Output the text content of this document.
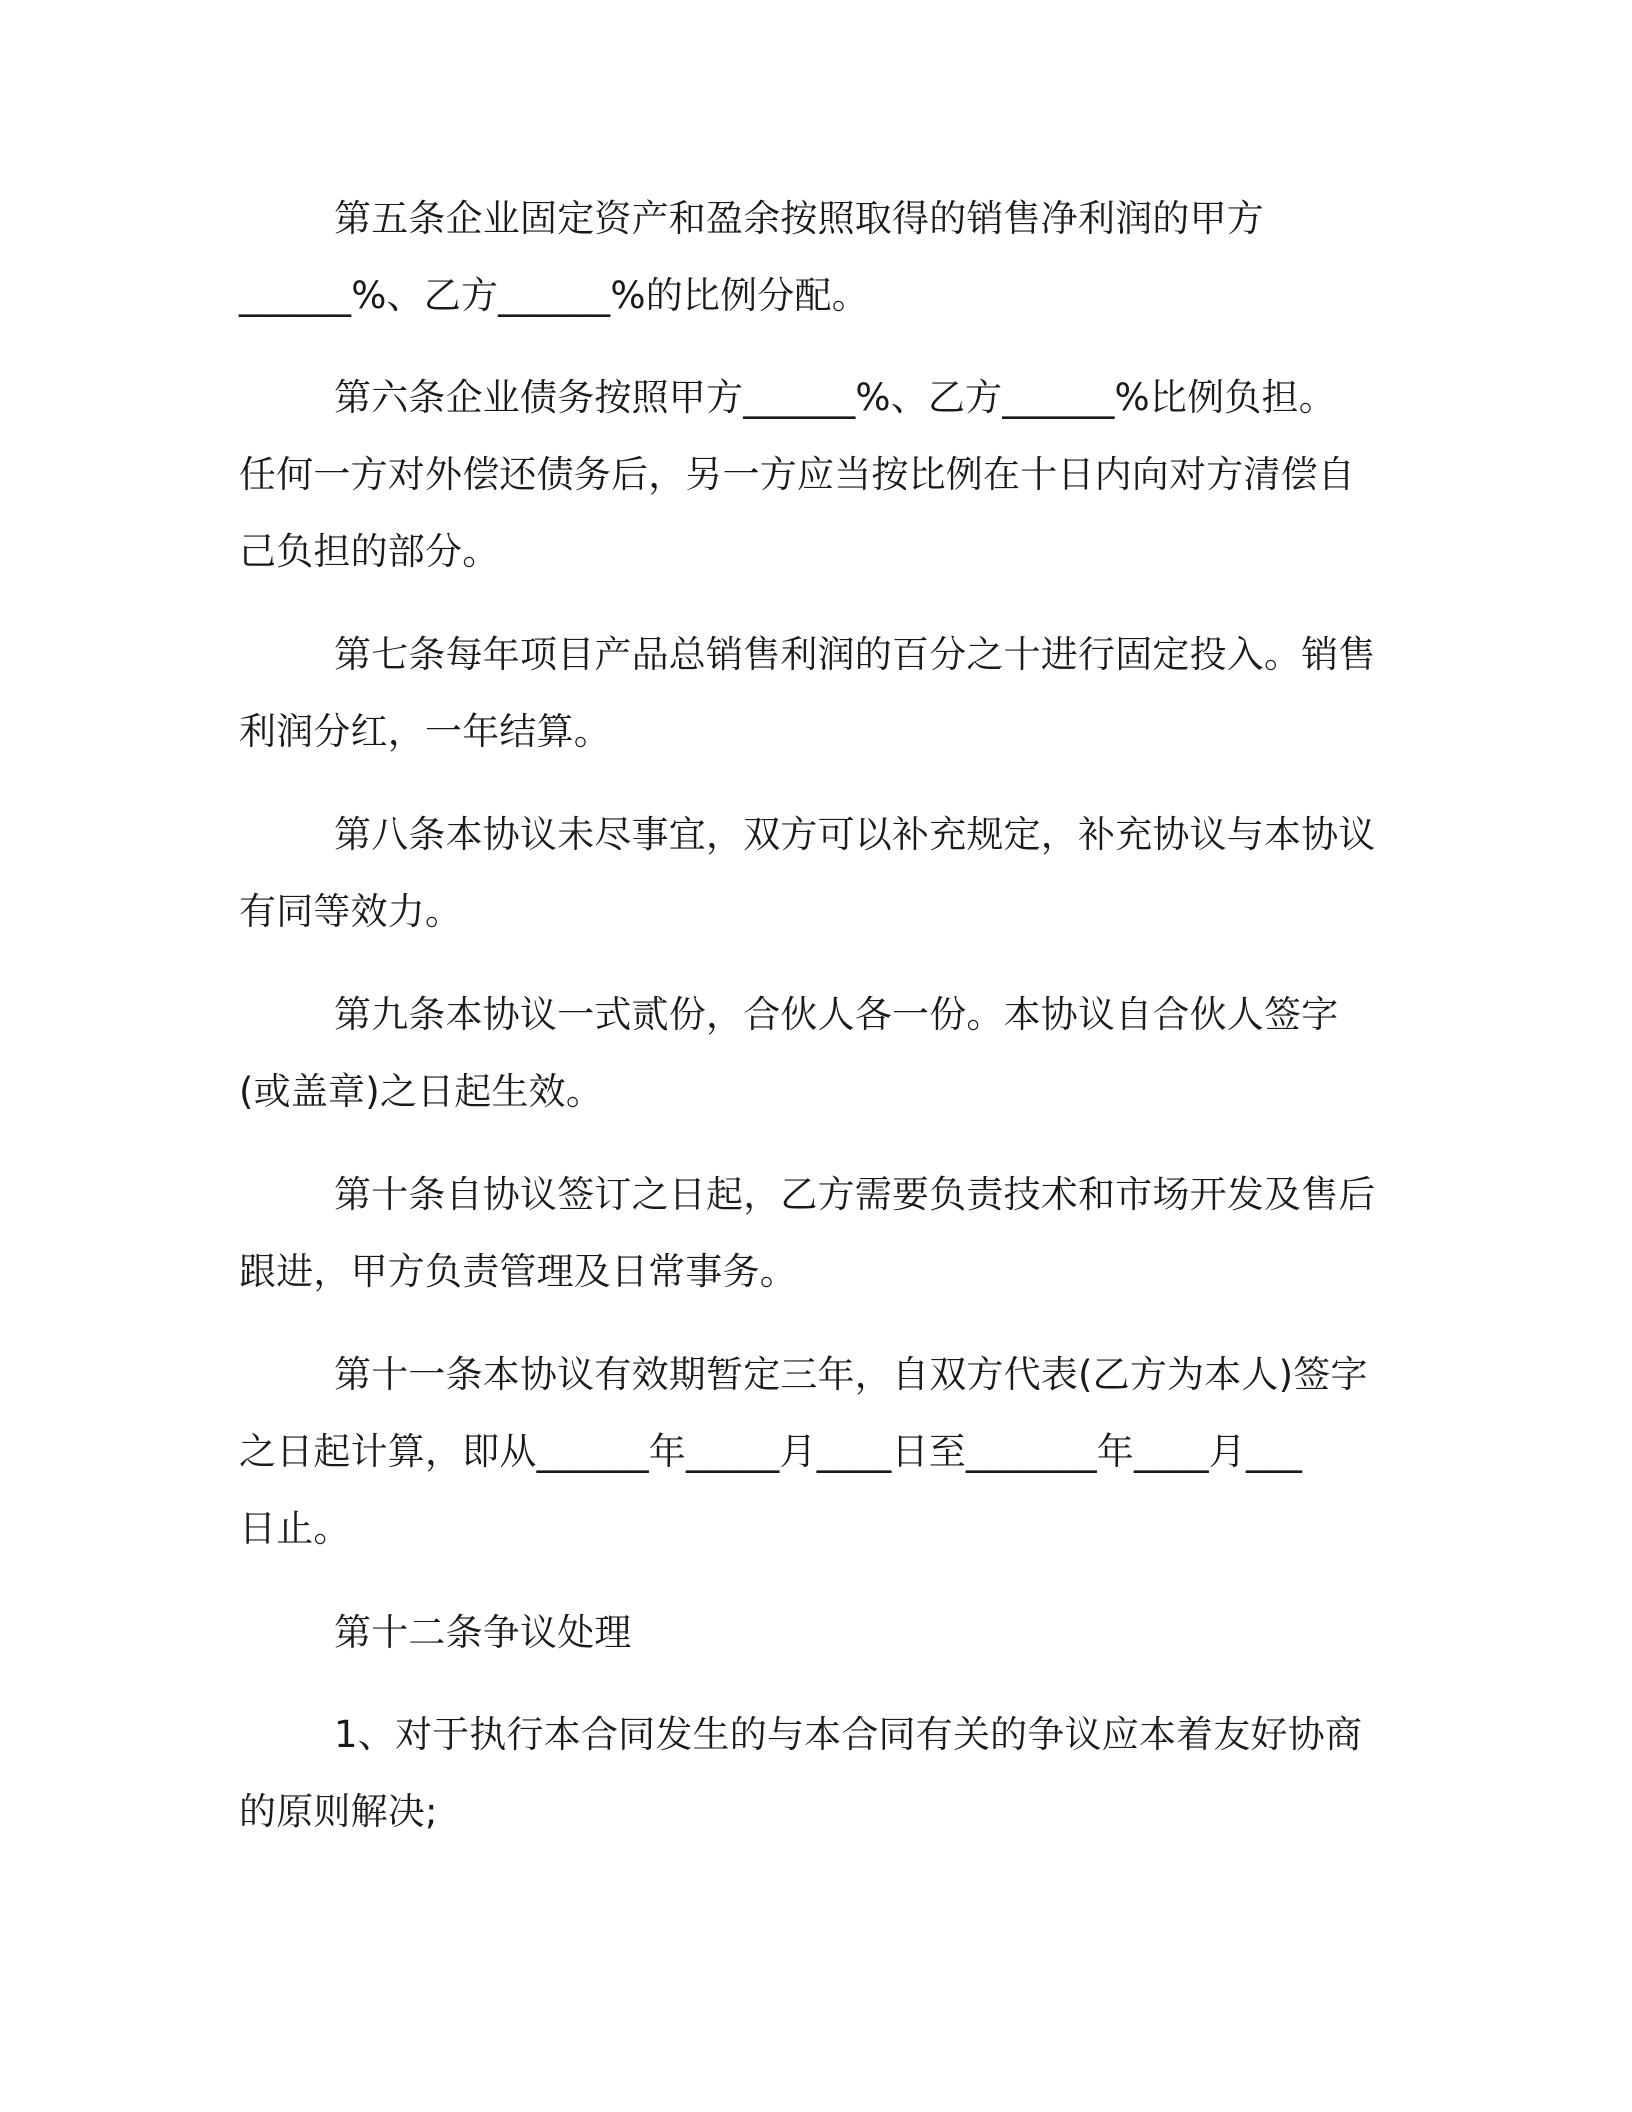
第五条企业固定资产和盈余按照取得的销售净利润的甲方
______%、乙方______%的比例分配。

第六条企业债务按照甲方______%、乙方______%比例负担。
任何一方对外偿还债务后，另一方应当按比例在十日内向对方清偿自
己负担的部分。

第七条每年项目产品总销售利润的百分之十进行固定投入。销售
利润分红，一年结算。

第八条本协议未尽事宜，双方可以补充规定，补充协议与本协议
有同等效力。

第九条本协议一式贰份，合伙人各一份。本协议自合伙人签字
(或盖章)之日起生效。

第十条自协议签订之日起，乙方需要负责技术和市场开发及售后
跟进，甲方负责管理及日常事务。

第十一条本协议有效期暂定三年，自双方代表(乙方为本人)签字
之日起计算，即从______年_____月____日至_______年____月___
日止。

第十二条争议处理

1、对于执行本合同发生的与本合同有关的争议应本着友好协商
的原则解决;
